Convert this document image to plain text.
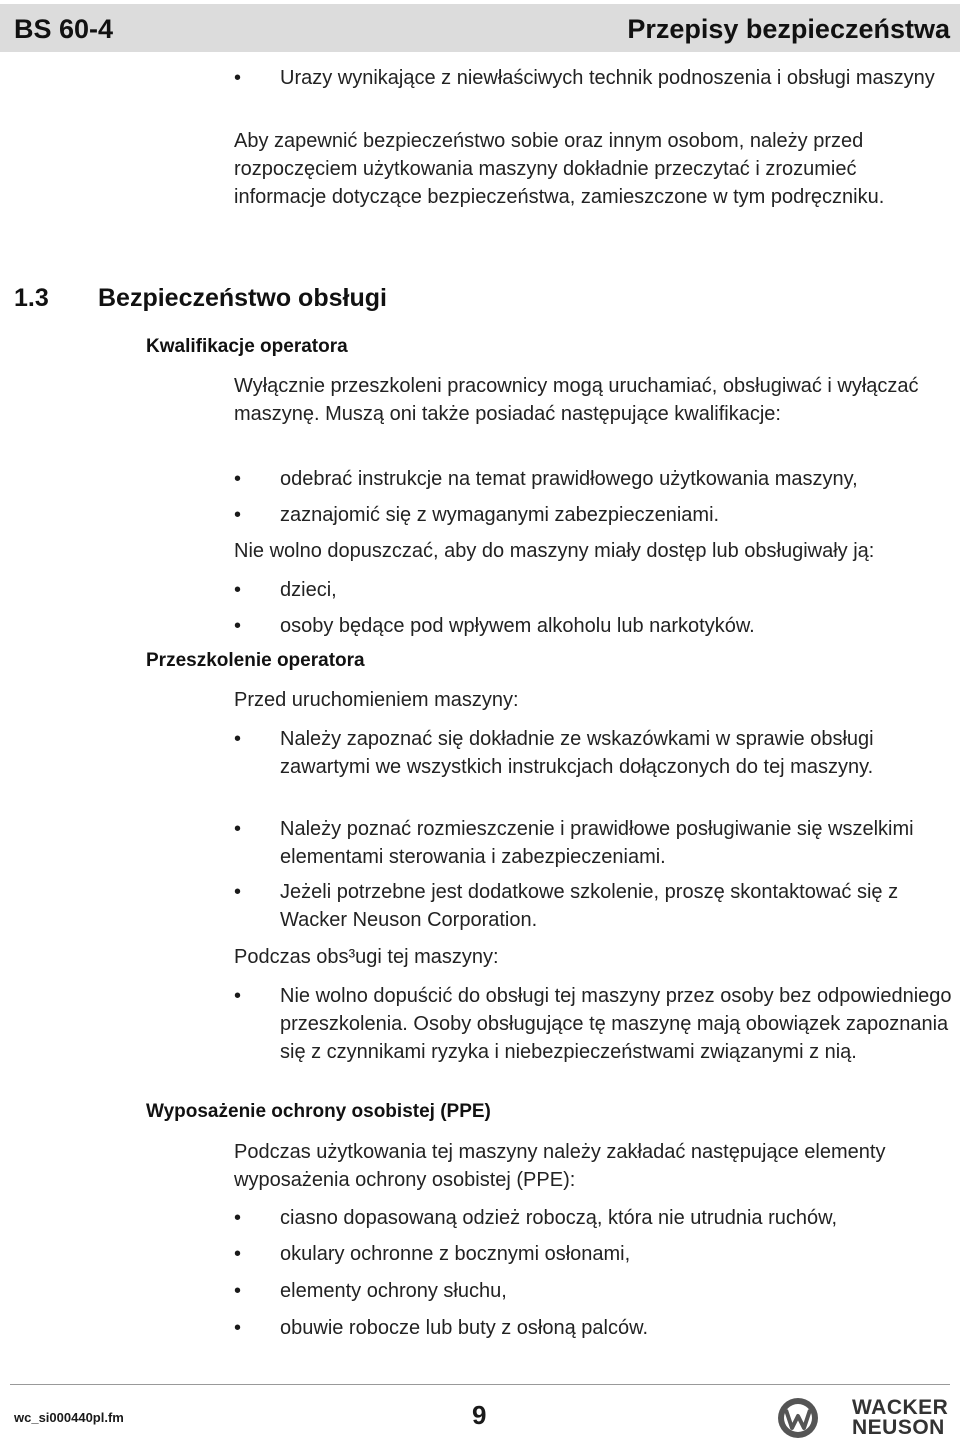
BS 60-4	Przepisy bezpieczeństwa
• Urazy wynikające z niewłaściwych technik podnoszenia i obsługi maszyny

Aby zapewnić bezpieczeństwo sobie oraz innym osobom, należy przed rozpoczęciem użytkowania maszyny dokładnie przeczytać i zrozumieć informacje dotyczące bezpieczeństwa, zamieszczone w tym podręczniku.

1.3 Bezpieczeństwo obsługi
Kwalifikacje operatora

Wyłącznie przeszkoleni pracownicy mogą uruchamiać, obsługiwać i wyłączać maszynę. Muszą oni także posiadać następujące kwalifikacje:

• odebrać instrukcje na temat prawidłowego użytkowania maszyny,

• zaznajomić się z wymaganymi zabezpieczeniami.

Nie wolno dopuszczać, aby do maszyny miały dostęp lub obsługiwały ją:

• dzieci,

• osoby będące pod wpływem alkoholu lub narkotyków.

Przeszkolenie operatora

Przed uruchomieniem maszyny:

• Należy zapoznać się dokładnie ze wskazówkami w sprawie obsługi zawartymi we wszystkich instrukcjach dołączonych do tej maszyny.

• Należy poznać rozmieszczenie i prawidłowe posługiwanie się wszelkimi elementami sterowania i zabezpieczeniami.

• Jeżeli potrzebne jest dodatkowe szkolenie, proszę skontaktować się z Wacker Neuson Corporation.

Podczas obs³ugi tej maszyny:

• Nie wolno dopuścić do obsługi tej maszyny przez osoby bez odpowiedniego przeszkolenia. Osoby obsługujące tę maszynę mają obowiązek zapoznania się z czynnikami ryzyka i niebezpieczeństwami związanymi z nią.

Wyposażenie ochrony osobistej (PPE)

Podczas użytkowania tej maszyny należy zakładać następujące elementy wyposażenia ochrony osobistej (PPE):

• ciasno dopasowaną odzież roboczą, która nie utrudnia ruchów,

• okulary ochronne z bocznymi osłonami,

• elementy ochrony słuchu,

• obuwie robocze lub buty z osłoną palców.

wc_si000440pl.fm	9	WACKER
NEUSON
